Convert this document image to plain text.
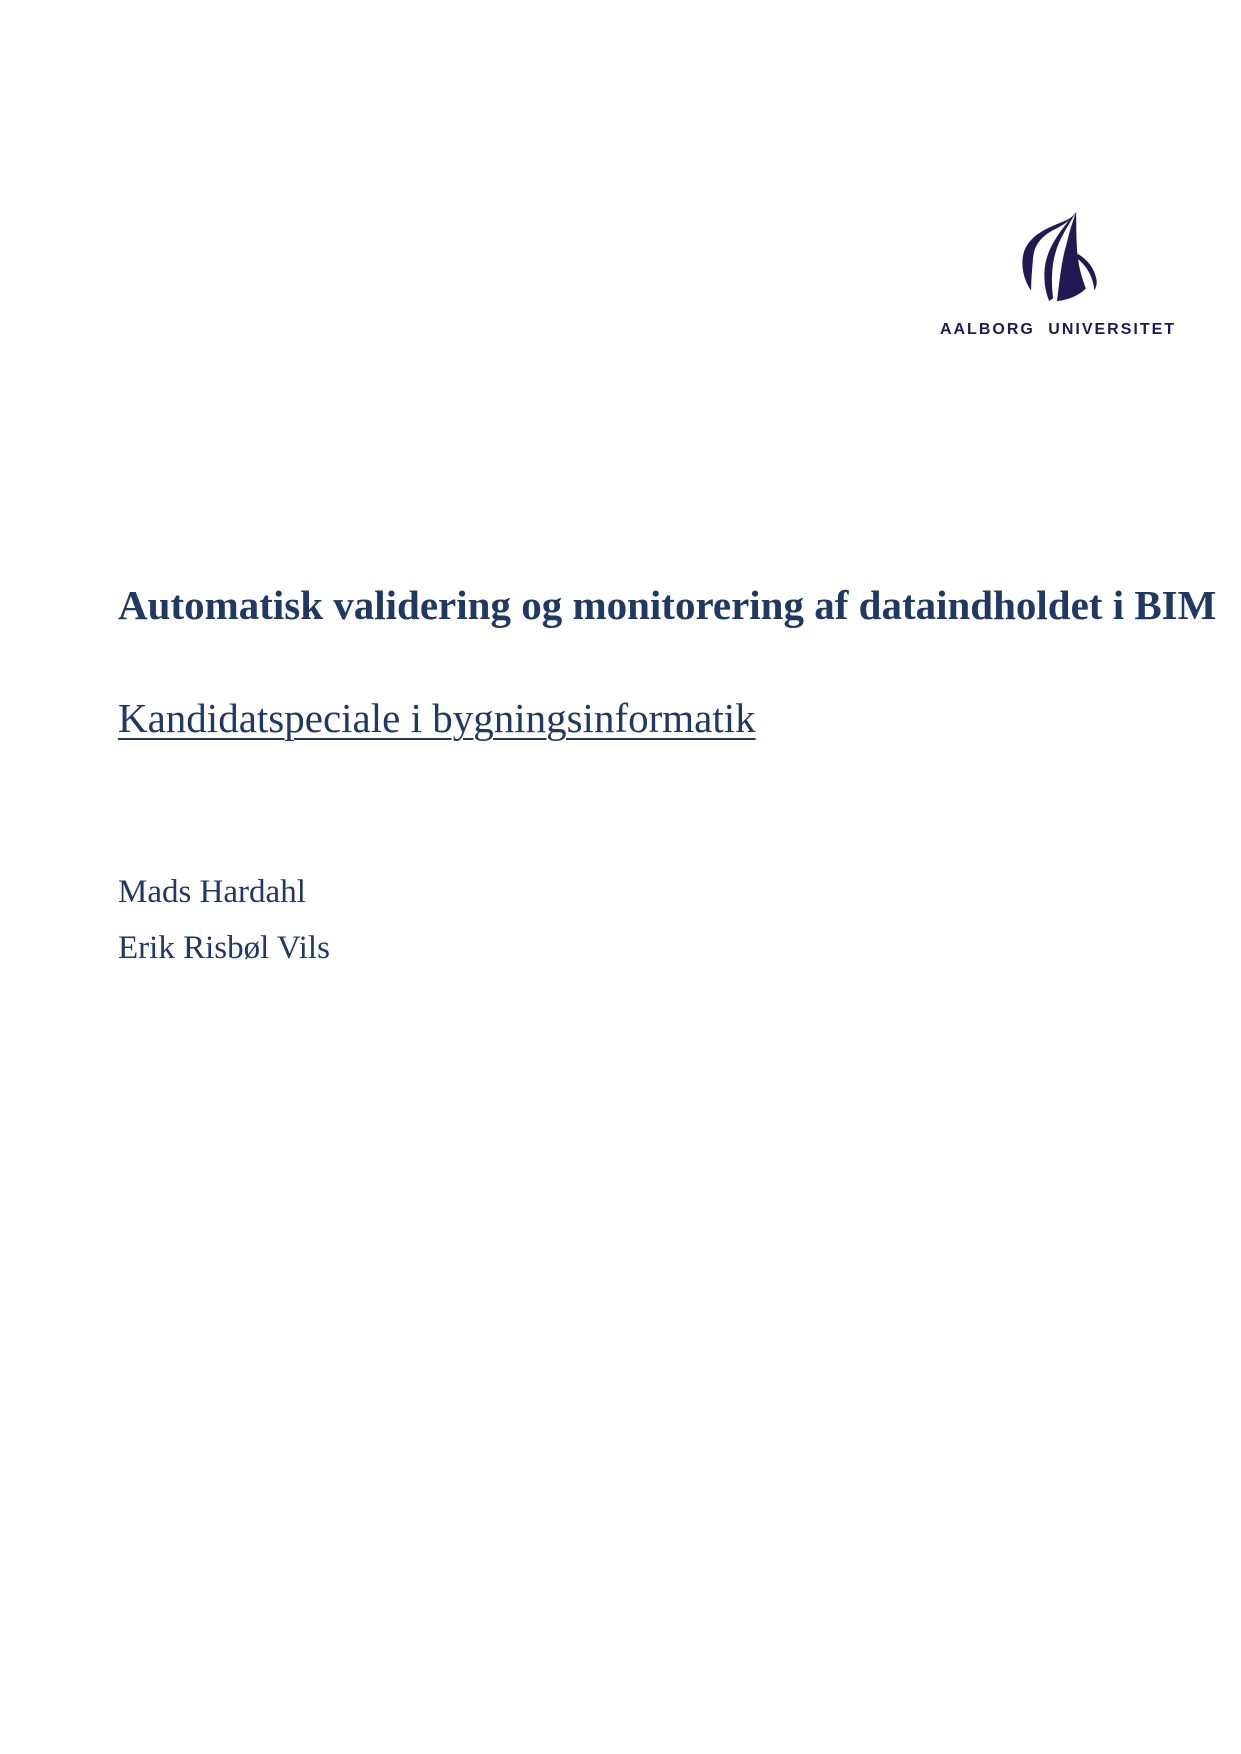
AALBORG UNIVERSITET
Automatisk validering og monitorering af dataindholdet i BIM
Kandidatspeciale i bygningsinformatik

Mads Hardahl

Erik Risbøl Vils
